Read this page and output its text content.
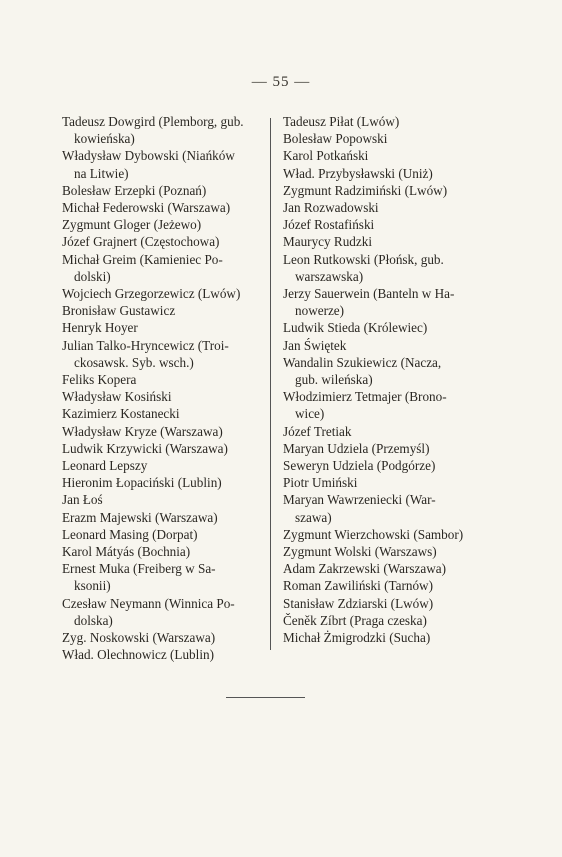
— 55 —
Tadeusz Dowgird (Plemborg, gub.
kowieńska)
Władysław Dybowski (Niańków
na Litwie)
Bolesław Erzepki (Poznań)
Michał Federowski (Warszawa)
Zygmunt Gloger (Jeżewo)
Józef Grajnert (Częstochowa)
Michał Greim (Kamieniec Po-
dolski)
Wojciech Grzegorzewicz (Lwów)
Bronisław Gustawicz
Henryk Hoyer
Julian Talko-Hryncewicz (Troi-
ckosawsk. Syb. wsch.)
Feliks Kopera
Władysław Kosiński
Kazimierz Kostanecki
Władysław Kryze (Warszawa)
Ludwik Krzywicki (Warszawa)
Leonard Lepszy
Hieronim Łopaciński (Lublin)
Jan Łoś
Erazm Majewski (Warszawa)
Leonard Masing (Dorpat)
Karol Mátyás (Bochnia)
Ernest Muka (Freiberg w Sa-
ksonii)
Czesław Neymann (Winnica Po-
dolska)
Zyg. Noskowski (Warszawa)
Wład. Olechnowicz (Lublin)
Tadeusz Piłat (Lwów)
Bolesław Popowski
Karol Potkański
Wład. Przybysławski (Uniż)
Zygmunt Radzimiński (Lwów)
Jan Rozwadowski
Józef Rostafiński
Maurycy Rudzki
Leon Rutkowski (Płońsk, gub.
warszawska)
Jerzy Sauerwein (Banteln w Ha-
nowerze)
Ludwik Stieda (Królewiec)
Jan Świętek
Wandalin Szukiewicz (Nacza,
gub. wileńska)
Włodzimierz Tetmajer (Brono-
wice)
Józef Tretiak
Maryan Udziela (Przemyśl)
Seweryn Udziela (Podgórze)
Piotr Umiński
Maryan Wawrzeniecki (War-
szawa)
Zygmunt Wierzchowski (Sambor)
Zygmunt Wolski (Warszaws)
Adam Zakrzewski (Warszawa)
Roman Zawiliński (Tarnów)
Stanisław Zdziarski (Lwów)
Čeněk Zíbrt (Praga czeska)
Michał Żmigrodzki (Sucha)
